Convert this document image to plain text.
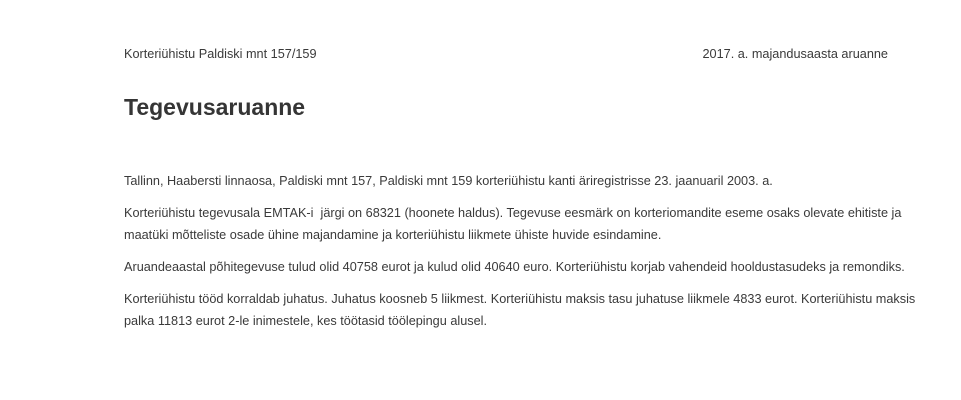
Korteriühistu Paldiski mnt 157/159	2017. a. majandusaasta aruanne
Tegevusaruanne

Tallinn, Haabersti linnaosa, Paldiski mnt 157, Paldiski mnt 159 korteriühistu kanti äriregistrisse 23. jaanuaril 2003. a.

Korteriühistu tegevusala EMTAK-i  järgi on 68321 (hoonete haldus). Tegevuse eesmärk on korteriomandite eseme osaks olevate ehitiste ja
maatüki mõtteliste osade ühine majandamine ja korteriühistu liikmete ühiste huvide esindamine.

Aruandeaastal põhitegevuse tulud olid 40758 eurot ja kulud olid 40640 euro. Korteriühistu korjab vahendeid hooldustasudeks ja remondiks.

Korteriühistu tööd korraldab juhatus. Juhatus koosneb 5 liikmest. Korteriühistu maksis tasu juhatuse liikmele 4833 eurot. Korteriühistu maksis
palka 11813 eurot 2-le inimestele, kes töötasid töölepingu alusel.
